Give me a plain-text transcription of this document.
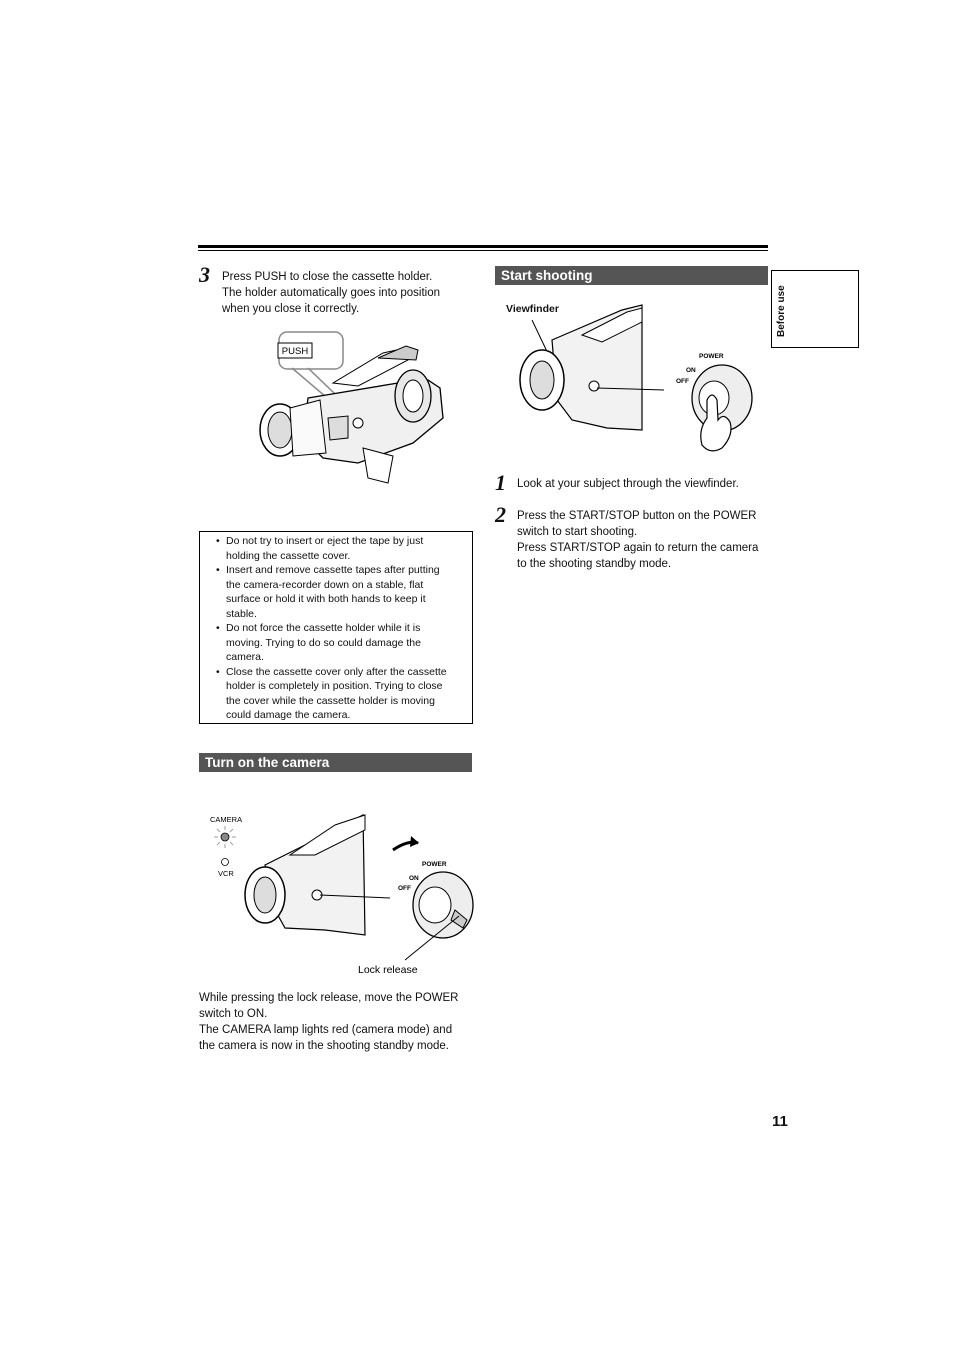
Before use
3 Press PUSH to close the cassette holder.
The holder automatically goes into position
when you close it correctly.
PUSH
• Do not try to insert or eject the tape by just
holding the cassette cover.
• Insert and remove cassette tapes after putting
the camera-recorder down on a stable, flat
surface or hold it with both hands to keep it
stable.
• Do not force the cassette holder while it is
moving. Trying to do so could damage the
camera.
• Close the cassette cover only after the cassette
holder is completely in position. Trying to close
the cover while the cassette holder is moving
could damage the camera.
Turn on the camera
CAMERA
VCR
POWER
ON
OFF
Lock release
While pressing the lock release, move the POWER
switch to ON.
The CAMERA lamp lights red (camera mode) and
the camera is now in the shooting standby mode.
Start shooting
Viewfinder
POWER
ON
OFF
1 Look at your subject through the viewfinder.
2 Press the START/STOP button on the POWER
switch to start shooting.
Press START/STOP again to return the camera
to the shooting standby mode.
11
